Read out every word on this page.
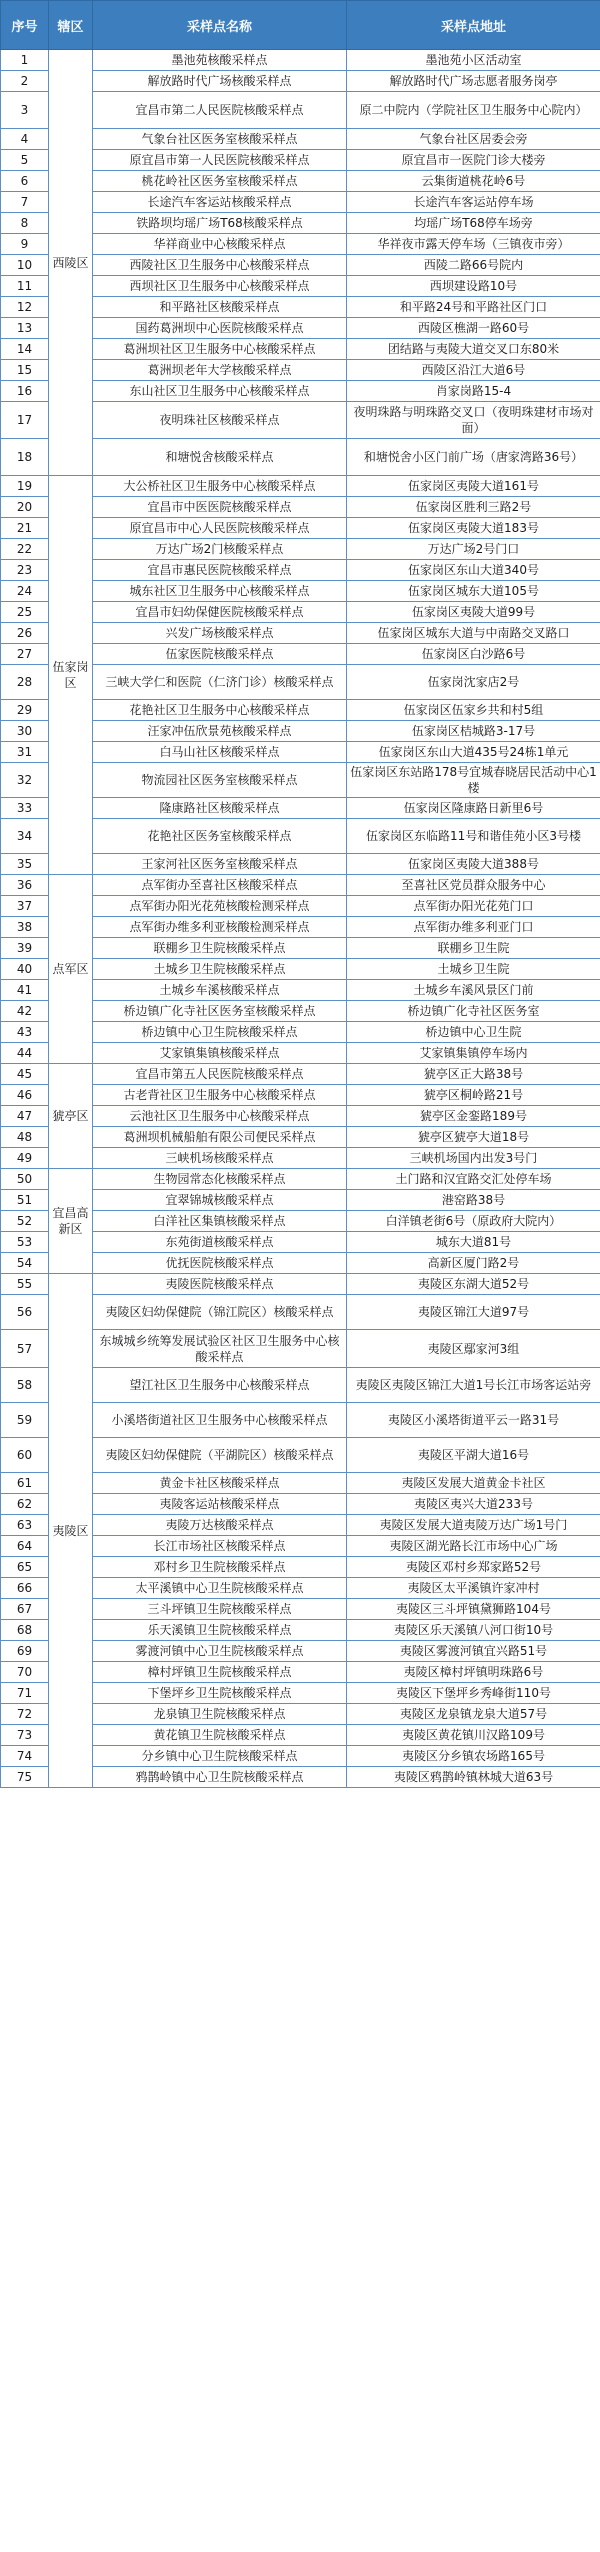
序号	辖区	采样点名称	采样点地址
1	西陵区	墨池苑核酸采样点	墨池苑小区活动室
2		解放路时代广场核酸采样点	解放路时代广场志愿者服务岗亭
3		宜昌市第二人民医院核酸采样点	原二中院内（学院社区卫生服务中心院内）
4		气象台社区医务室核酸采样点	气象台社区居委会旁
5		原宜昌市第一人民医院核酸采样点	原宜昌市一医院门诊大楼旁
6		桃花岭社区医务室核酸采样点	云集街道桃花岭6号
7		长途汽车客运站核酸采样点	长途汽车客运站停车场
8		铁路坝均瑶广场T68核酸采样点	均瑶广场T68停车场旁
9		华祥商业中心核酸采样点	华祥夜市露天停车场（三镇夜市旁）
10		西陵社区卫生服务中心核酸采样点	西陵二路66号院内
11		西坝社区卫生服务中心核酸采样点	西坝建设路10号
12		和平路社区核酸采样点	和平路24号和平路社区门口
13		国药葛洲坝中心医院核酸采样点	西陵区樵湖一路60号
14		葛洲坝社区卫生服务中心核酸采样点	团结路与夷陵大道交叉口东80米
15		葛洲坝老年大学核酸采样点	西陵区沿江大道6号
16		东山社区卫生服务中心核酸采样点	肖家岗路15-4
17		夜明珠社区核酸采样点	夜明珠路与明珠路交叉口（夜明珠建材市场对面）
18		和塘悦舍核酸采样点	和塘悦舍小区门前广场（唐家湾路36号）
19	伍家岗区	大公桥社区卫生服务中心核酸采样点	伍家岗区夷陵大道161号
20		宜昌市中医医院核酸采样点	伍家岗区胜利三路2号
21		原宜昌市中心人民医院核酸采样点	伍家岗区夷陵大道183号
22		万达广场2门核酸采样点	万达广场2号门口
23		宜昌市惠民医院核酸采样点	伍家岗区东山大道340号
24		城东社区卫生服务中心核酸采样点	伍家岗区城东大道105号
25		宜昌市妇幼保健医院核酸采样点	伍家岗区夷陵大道99号
26		兴发广场核酸采样点	伍家岗区城东大道与中南路交叉路口
27		伍家医院核酸采样点	伍家岗区白沙路6号
28		三峡大学仁和医院（仁济门诊）核酸采样点	伍家岗沈家店2号
29		花艳社区卫生服务中心核酸采样点	伍家岗区伍家乡共和村5组
30		汪家冲伍欣景苑核酸采样点	伍家岗区桔城路3-17号
31		白马山社区核酸采样点	伍家岗区东山大道435号24栋1单元
32		物流园社区医务室核酸采样点	伍家岗区东站路178号宜城春晓居民活动中心1楼
33		隆康路社区核酸采样点	伍家岗区隆康路日新里6号
34		花艳社区医务室核酸采样点	伍家岗区东临路11号和谐佳苑小区3号楼
35		王家河社区医务室核酸采样点	伍家岗区夷陵大道388号
36	点军区	点军街办至喜社区核酸采样点	至喜社区党员群众服务中心
37		点军街办阳光花苑核酸检测采样点	点军街办阳光花苑门口
38		点军街办维多利亚核酸检测采样点	点军街办维多利亚门口
39		联棚乡卫生院核酸采样点	联棚乡卫生院
40		土城乡卫生院核酸采样点	土城乡卫生院
41		土城乡车溪核酸采样点	土城乡车溪风景区门前
42		桥边镇广化寺社区医务室核酸采样点	桥边镇广化寺社区医务室
43		桥边镇中心卫生院核酸采样点	桥边镇中心卫生院
44		艾家镇集镇核酸采样点	艾家镇集镇停车场内
45	猇亭区	宜昌市第五人民医院核酸采样点	猇亭区正大路38号
46		古老背社区卫生服务中心核酸采样点	猇亭区桐岭路21号
47		云池社区卫生服务中心核酸采样点	猇亭区金銮路189号
48		葛洲坝机械船舶有限公司便民采样点	猇亭区猇亭大道18号
49		三峡机场核酸采样点	三峡机场国内出发3号门
50	宜昌高新区	生物园常态化核酸采样点	土门路和汉宜路交汇处停车场
51		宜翠锦城核酸采样点	港窑路38号
52		白洋社区集镇核酸采样点	白洋镇老街6号（原政府大院内）
53		东苑街道核酸采样点	城东大道81号
54		优抚医院核酸采样点	高新区厦门路2号
55	夷陵区	夷陵医院核酸采样点	夷陵区东湖大道52号
56		夷陵区妇幼保健院（锦江院区）核酸采样点	夷陵区锦江大道97号
57		东城城乡统筹发展试验区社区卫生服务中心核酸采样点	夷陵区鄢家河3组
58		望江社区卫生服务中心核酸采样点	夷陵区夷陵区锦江大道1号长江市场客运站旁
59		小溪塔街道社区卫生服务中心核酸采样点	夷陵区小溪塔街道平云一路31号
60		夷陵区妇幼保健院（平湖院区）核酸采样点	夷陵区平湖大道16号
61		黄金卡社区核酸采样点	夷陵区发展大道黄金卡社区
62		夷陵客运站核酸采样点	夷陵区夷兴大道233号
63		夷陵万达核酸采样点	夷陵区发展大道夷陵万达广场1号门
64		长江市场社区核酸采样点	夷陵区湖光路长江市场中心广场
65		邓村乡卫生院核酸采样点	夷陵区邓村乡郑家路52号
66		太平溪镇中心卫生院核酸采样点	夷陵区太平溪镇许家冲村
67		三斗坪镇卫生院核酸采样点	夷陵区三斗坪镇黛狮路104号
68		乐天溪镇卫生院核酸采样点	夷陵区乐天溪镇八河口街10号
69		雾渡河镇中心卫生院核酸采样点	夷陵区雾渡河镇宜兴路51号
70		樟村坪镇卫生院核酸采样点	夷陵区樟村坪镇明珠路6号
71		下堡坪乡卫生院核酸采样点	夷陵区下堡坪乡秀峰街110号
72		龙泉镇卫生院核酸采样点	夷陵区龙泉镇龙泉大道57号
73		黄花镇卫生院核酸采样点	夷陵区黄花镇川汉路109号
74		分乡镇中心卫生院核酸采样点	夷陵区分乡镇农场路165号
75		鸦鹊岭镇中心卫生院核酸采样点	夷陵区鸦鹊岭镇林城大道63号
